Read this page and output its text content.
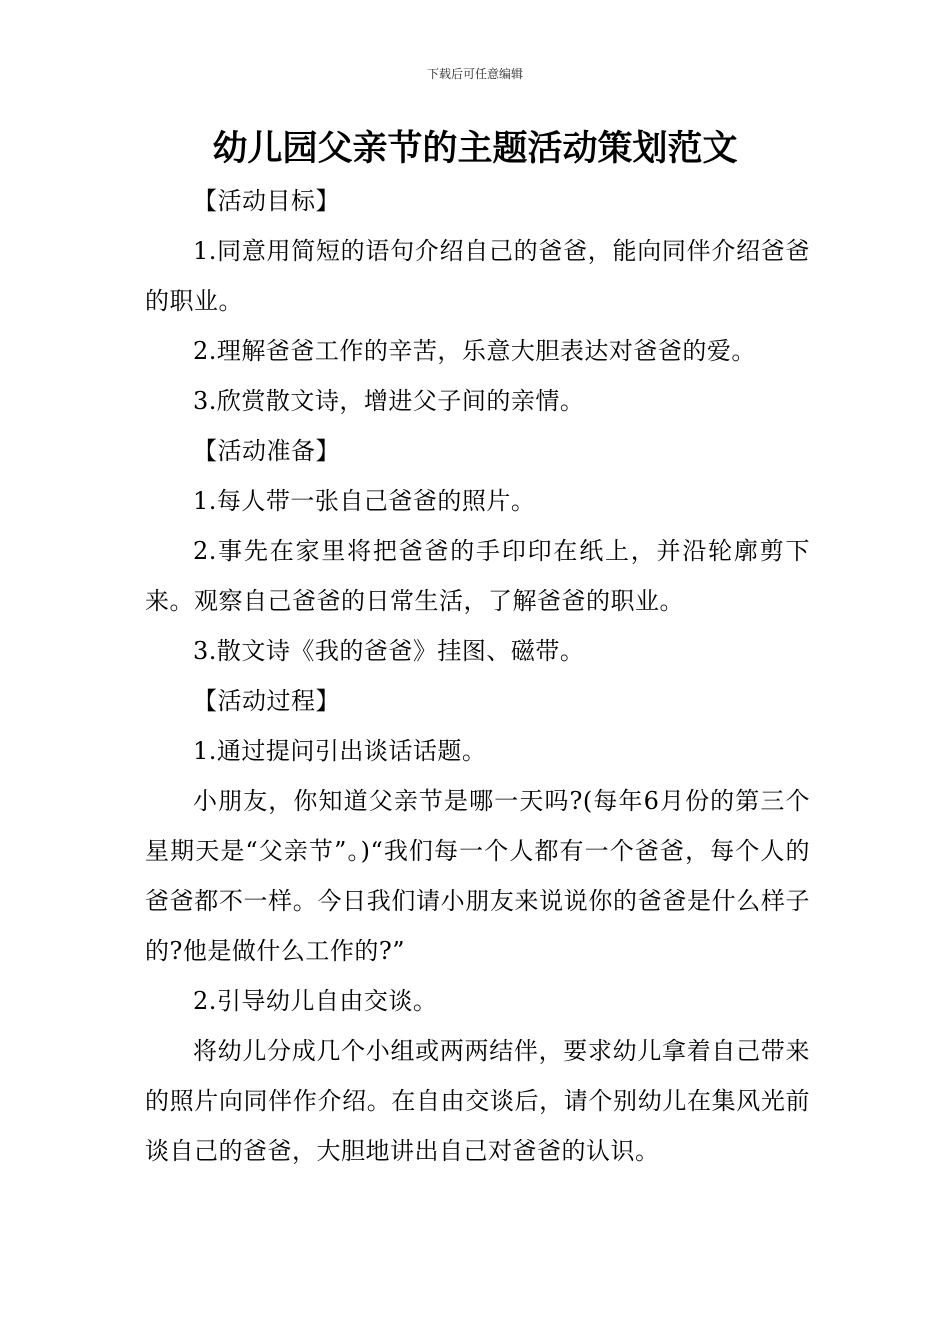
下载后可任意编辑
幼儿园父亲节的主题活动策划范文

【活动目标】

1.同意用简短的语句介绍自己的爸爸，能向同伴介绍爸爸的职业。

2.理解爸爸工作的辛苦，乐意大胆表达对爸爸的爱。

3.欣赏散文诗，增进父子间的亲情。

【活动准备】

1.每人带一张自己爸爸的照片。

2.事先在家里将把爸爸的手印印在纸上，并沿轮廓剪下来。观察自己爸爸的日常生活，了解爸爸的职业。

3.散文诗《我的爸爸》挂图、磁带。

【活动过程】

1.通过提问引出谈话话题。

小朋友，你知道父亲节是哪一天吗?(每年6月份的第三个星期天是“父亲节”。)“我们每一个人都有一个爸爸，每个人的爸爸都不一样。今日我们请小朋友来说说你的爸爸是什么样子的?他是做什么工作的?”

2.引导幼儿自由交谈。

将幼儿分成几个小组或两两结伴，要求幼儿拿着自己带来的照片向同伴作介绍。在自由交谈后，请个别幼儿在集风光前谈自己的爸爸，大胆地讲出自己对爸爸的认识。
